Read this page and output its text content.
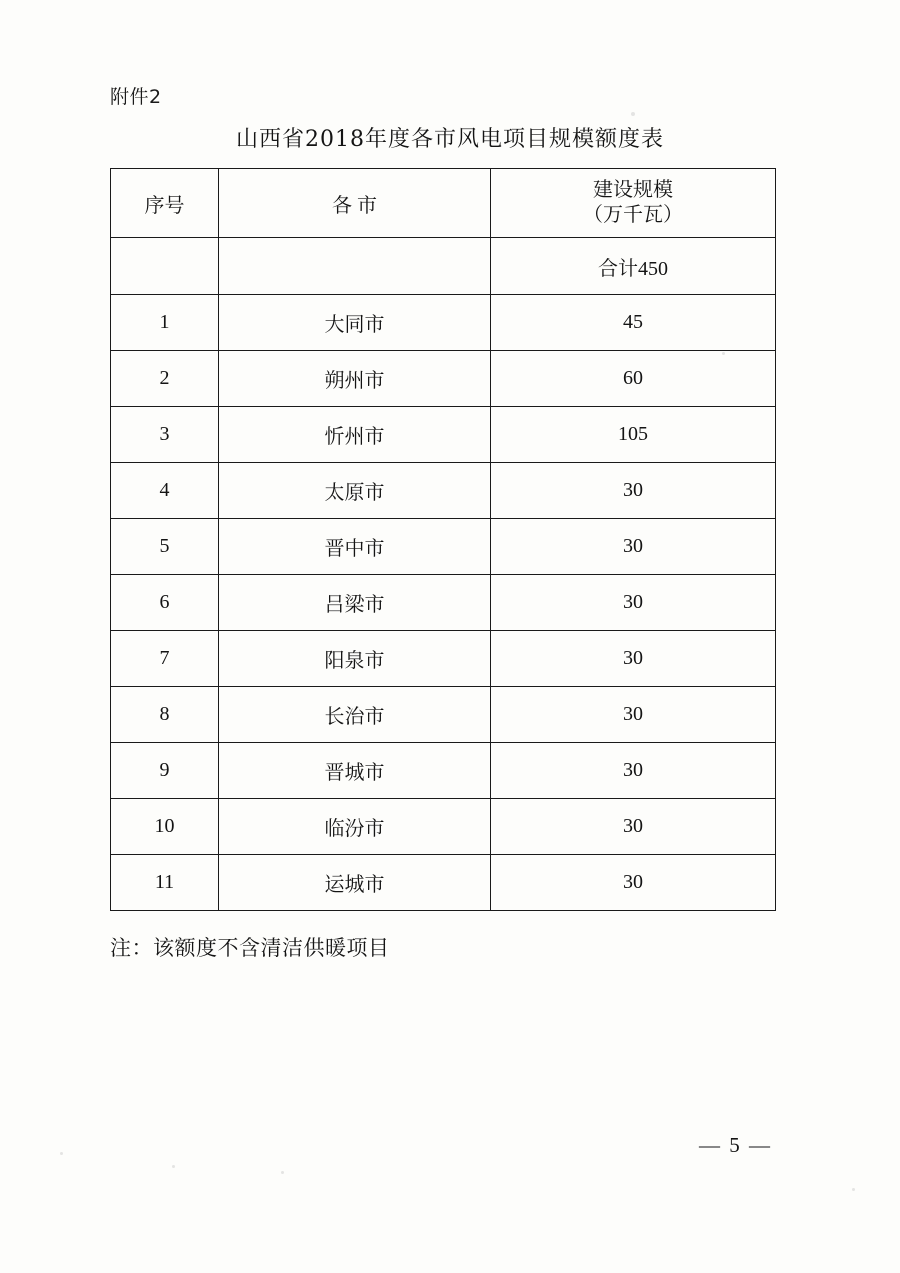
附件2
山西省2018年度各市风电项目规模额度表
序号	各 市	建设规模
（万千瓦）

		合计450
1	大同市	45
2	朔州市	60
3	忻州市	105
4	太原市	30
5	晋中市	30
6	吕梁市	30
7	阳泉市	30
8	长治市	30
9	晋城市	30
10	临汾市	30
11	运城市	30
注：该额度不含清洁供暖项目
— 5 —
